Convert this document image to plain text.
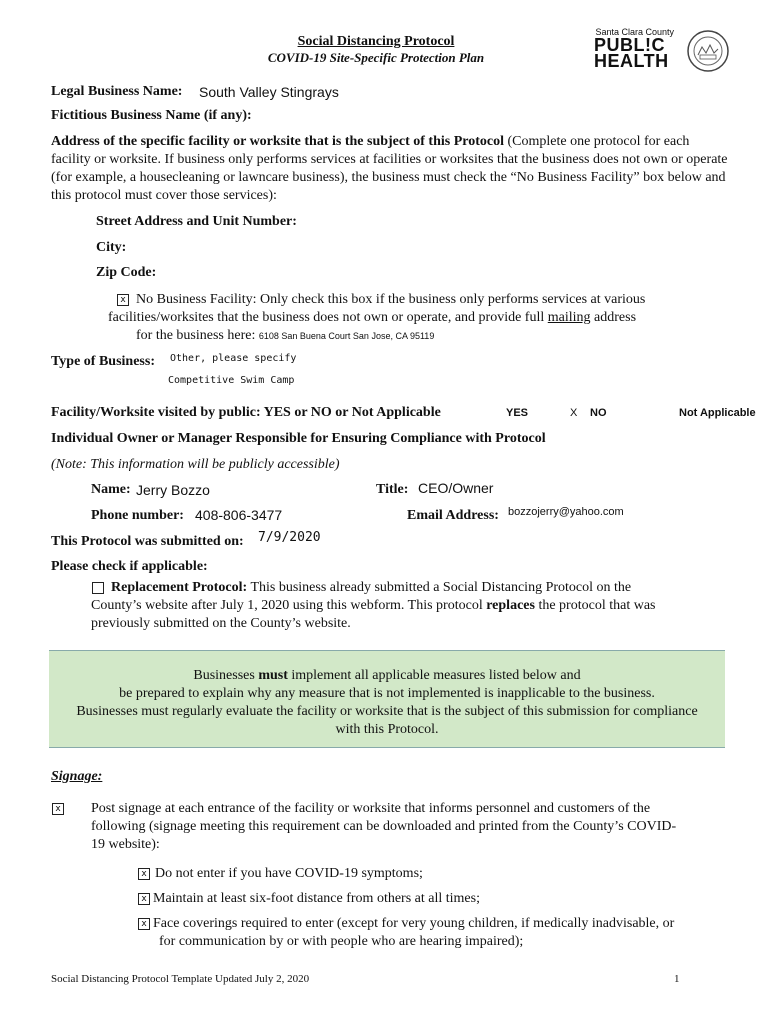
Social Distancing Protocol
COVID-19 Site-Specific Protection Plan
Santa Clara County
PUBL!C
HEALTH
Legal Business Name: South Valley Stingrays
Fictitious Business Name (if any):
Address of the specific facility or worksite that is the subject of this Protocol (Complete one protocol for each facility or worksite. If business only performs services at facilities or worksites that the business does not own or operate (for example, a housecleaning or lawncare business), the business must check the “No Business Facility” box below and this protocol must cover those services):
Street Address and Unit Number:
City:
Zip Code:
x No Business Facility: Only check this box if the business only performs services at various
facilities/worksites that the business does not own or operate, and provide full mailing address
for the business here: 6108 San Buena Court San Jose, CA 95119
Type of Business: Other, please specify
Competitive Swim Camp
Facility/Worksite visited by public: YES or NO or Not Applicable	YES	X NO	Not Applicable
Individual Owner or Manager Responsible for Ensuring Compliance with Protocol
(Note: This information will be publicly accessible)
Name: Jerry Bozzo	Title: CEO/Owner
Phone number: 408-806-3477	Email Address: bozzojerry@yahoo.com
This Protocol was submitted on: 7/9/2020
Please check if applicable:
Replacement Protocol: This business already submitted a Social Distancing Protocol on the
County’s website after July 1, 2020 using this webform. This protocol replaces the protocol that was
previously submitted on the County’s website.
Businesses must implement all applicable measures listed below and
be prepared to explain why any measure that is not implemented is inapplicable to the business.
Businesses must regularly evaluate the facility or worksite that is the subject of this submission for compliance
with this Protocol.
Signage:
x Post signage at each entrance of the facility or worksite that informs personnel and customers of the
following (signage meeting this requirement can be downloaded and printed from the County’s COVID-
19 website):
x Do not enter if you have COVID-19 symptoms;
x Maintain at least six-foot distance from others at all times;
x Face coverings required to enter (except for very young children, if medically inadvisable, or
for communication by or with people who are hearing impaired);
Social Distancing Protocol Template Updated July 2, 2020	1
